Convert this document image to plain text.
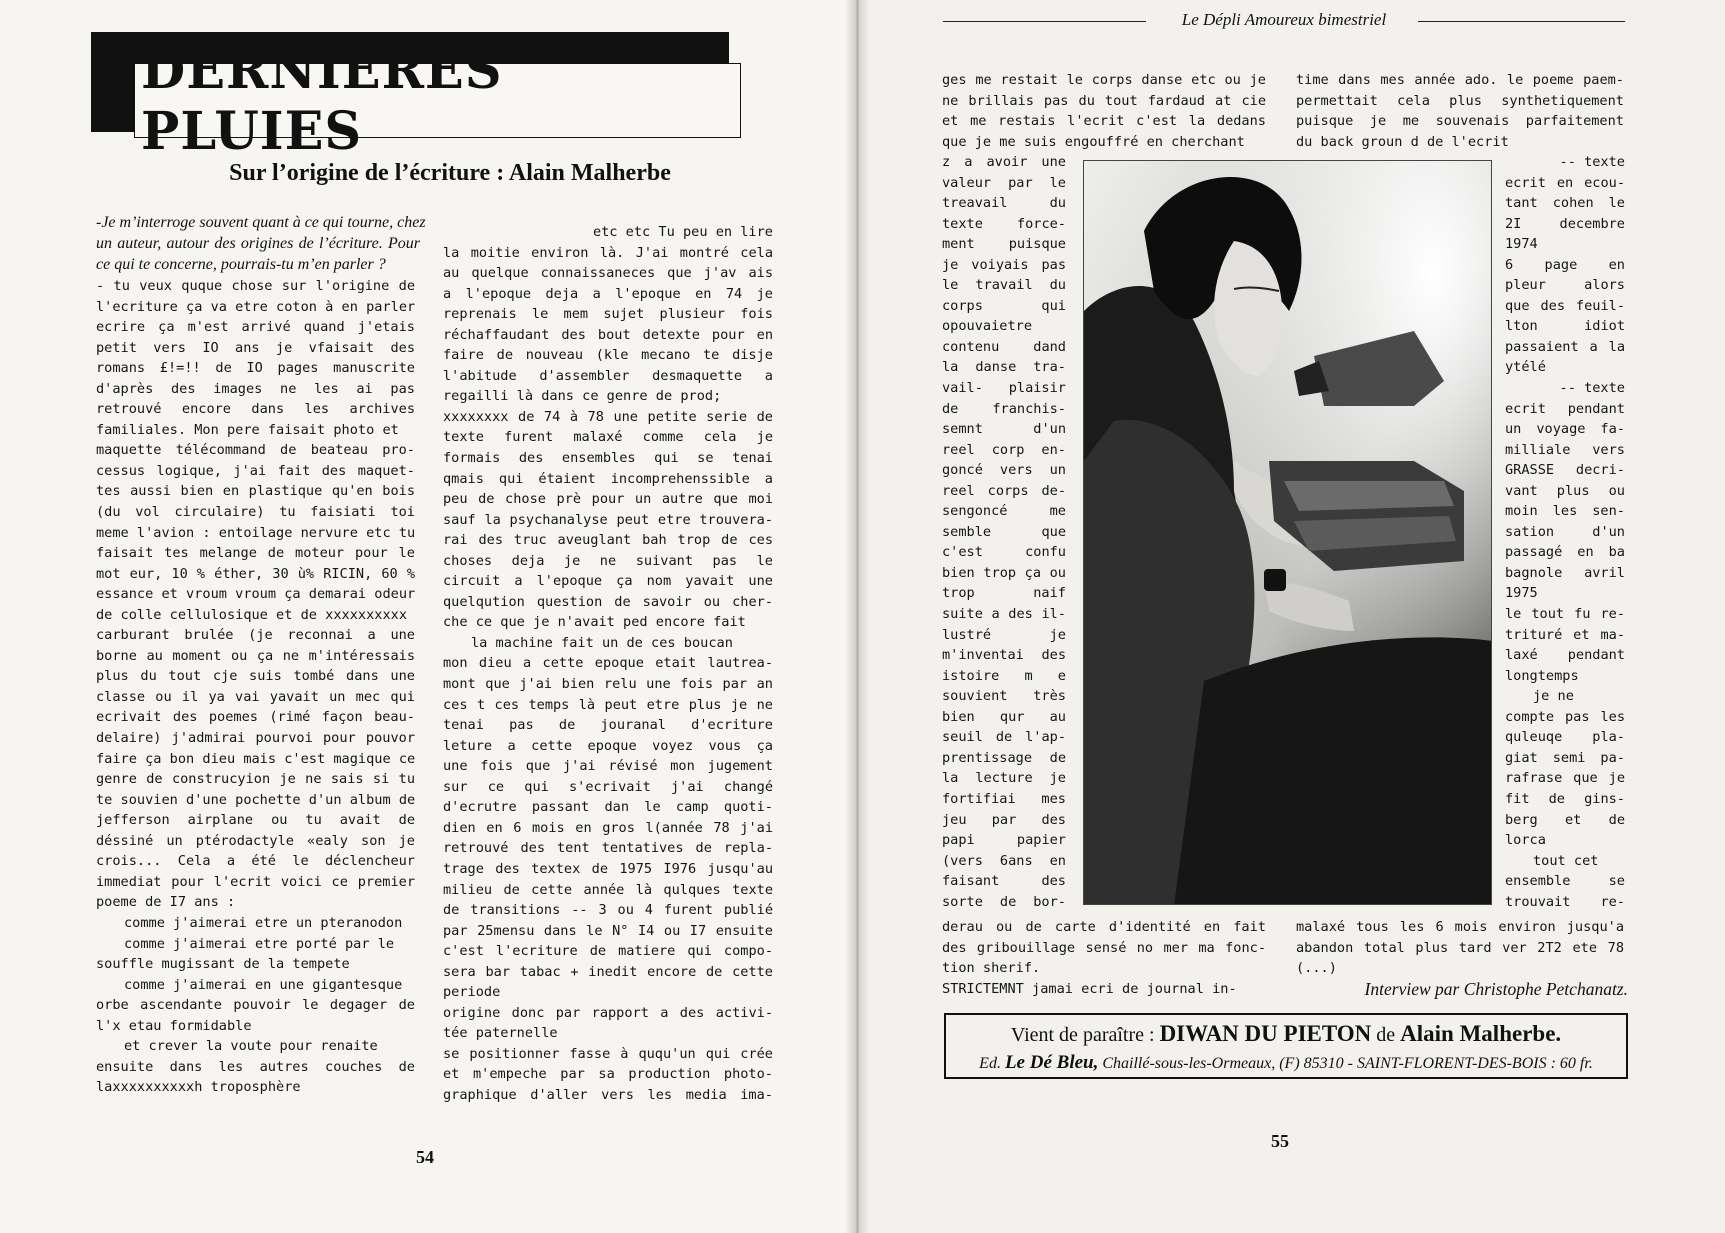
DERNIERES PLUIES
Sur l’origine de l’écriture : Alain Malherbe
-Je m’interroge souvent quant à ce qui tourne, chez
un auteur, autour des origines de l’écriture. Pour
ce qui te concerne, pourrais-tu m’en parler ?
- tu veux quque chose sur l'origine de
l'ecriture ça va etre coton à en parler
ecrire ça m'est arrivé quand j'etais
petit vers IO ans je vfaisait des
romans £!=!! de IO pages manuscrite
d'après des images ne les ai pas
retrouvé encore dans les archives
familiales. Mon pere faisait photo et
maquette télécommand de beateau pro-
cessus logique, j'ai fait des maquet-
tes aussi bien en plastique qu'en bois
(du vol circulaire) tu faisiati toi
meme l'avion : entoilage nervure etc tu
faisait tes melange de moteur pour le
mot eur, 10 % éther, 30 ù% RICIN, 60 %
essance et vroum vroum ça demarai odeur
de colle cellulosique et de xxxxxxxxxx
carburant brulée (je reconnai a une
borne au moment ou ça ne m'intéressais
plus du tout cje suis tombé dans une
classe ou il ya vai yavait un mec qui
ecrivait des poemes (rimé façon beau-
delaire) j'admirai pourvoi pour pouvor
faire ça bon dieu mais c'est magique ce
genre de construcyion je ne sais si tu
te souvien d'une pochette d'un album de
jefferson airplane ou tu avait de
déssiné un ptérodactyle «ealy son je
crois... Cela a été le déclencheur
immediat pour l'ecrit voici ce premier
poeme de I7 ans :
comme j'aimerai etre un pteranodon
comme j'aimerai etre porté par le
souffle mugissant de la tempete
comme j'aimerai en une gigantesque
orbe ascendante pouvoir le degager de
l'x etau formidable
et crever la voute pour renaite
ensuite dans les autres couches de
laxxxxxxxxxxh troposphère
etc etc Tu peu en lire
la moitie environ là. J'ai montré cela
au quelque connaissaneces que j'av ais
a l'epoque deja a l'epoque en 74 je
reprenais le mem sujet plusieur fois
réchaffaudant des bout detexte pour en
faire de nouveau (kle mecano te disje
l'abitude d'assembler desmaquette a
regailli là dans ce genre de prod;
xxxxxxxx de 74 à 78 une petite serie de
texte furent malaxé comme cela je
formais des ensembles qui se tenai
qmais qui étaient incomprehenssible a
peu de chose prè pour un autre que moi
sauf la psychanalyse peut etre trouvera-
rai des truc aveuglant bah trop de ces
choses deja je ne suivant pas le
circuit a l'epoque ça nom yavait une
quelqution question de savoir ou cher-
che ce que je n'avait ped encore fait
la machine fait un de ces boucan
mon dieu a cette epoque etait lautrea-
mont que j'ai bien relu une fois par an
ces t ces temps là peut etre plus je ne
tenai pas de jouranal d'ecriture
leture a cette epoque voyez vous ça
une fois que j'ai révisé mon jugement
sur ce qui s'ecrivait j'ai changé
d'ecrutre passant dan le camp quoti-
dien en 6 mois en gros l(année 78 j'ai
retrouvé des tent tentatives de repla-
trage des textex de 1975 I976 jusqu'au
milieu de cette année là qulques texte
de transitions -- 3 ou 4 furent publié
par 25mensu dans le N° I4 ou I7 ensuite
c'est l'ecriture de matiere qui compo-
sera bar tabac + inedit encore de cette
periode
origine donc par rapport a des activi-
tée paternelle
se positionner fasse à ququ'un qui crée
et m'empeche par sa production photo-
graphique d'aller vers les media ima-
54
Le Dépli Amoureux bimestriel
ges me restait le corps danse etc ou je
ne brillais pas du tout fardaud at cie
et me restais l'ecrit c'est la dedans
que je me suis engouffré en cherchant
z a avoir une
valeur par le
treavail du
texte force-
ment puisque
je voiyais pas
le travail du
corps qui
opouvaietre
contenu dand
la danse tra-
vail- plaisir
de franchis-
semnt d'un
reel corp en-
goncé vers un
reel corps de-
sengoncé me
semble que
c'est confu
bien trop ça ou
trop naif
suite a des il-
lustré je
m'inventai des
istoire m e
souvient très
bien qur au
seuil de l'ap-
prentissage de
la lecture je
fortifiai mes
jeu par des
papi papier
(vers 6ans en
faisant des
sorte de bor-
derau ou de carte d'identité en fait
des gribouillage sensé no mer ma fonc-
tion sherif.
STRICTEMNT jamai ecri de journal in-
time dans mes année ado. le poeme paem-
permettait cela plus synthetiquement
puisque je me souvenais parfaitement
du back groun d de l'ecrit
-- texte
ecrit en ecou-
tant cohen le
2I decembre
1974
6 page en
pleur alors
que des feuil-
lton idiot
passaient a la
ytélé
-- texte
ecrit pendant
un voyage fa-
milliale vers
GRASSE decri-
vant plus ou
moin les sen-
sation d'un
passagé en ba
bagnole avril
1975
le tout fu re-
trituré et ma-
laxé pendant
longtemps
je ne
compte pas les
quleuqe pla-
giat semi pa-
rafrase que je
fit de gins-
berg et de
lorca
tout cet
ensemble se
trouvait re-
malaxé tous les 6 mois environ jusqu'a
abandon total plus tard ver 2T2 ete 78
(...)
Interview par Christophe Petchanatz.
Vient de paraître : DIWAN DU PIETON de Alain Malherbe.
Ed. Le Dé Bleu, Chaillé-sous-les-Ormeaux, (F) 85310 - SAINT-FLORENT-DES-BOIS : 60 fr.
55
